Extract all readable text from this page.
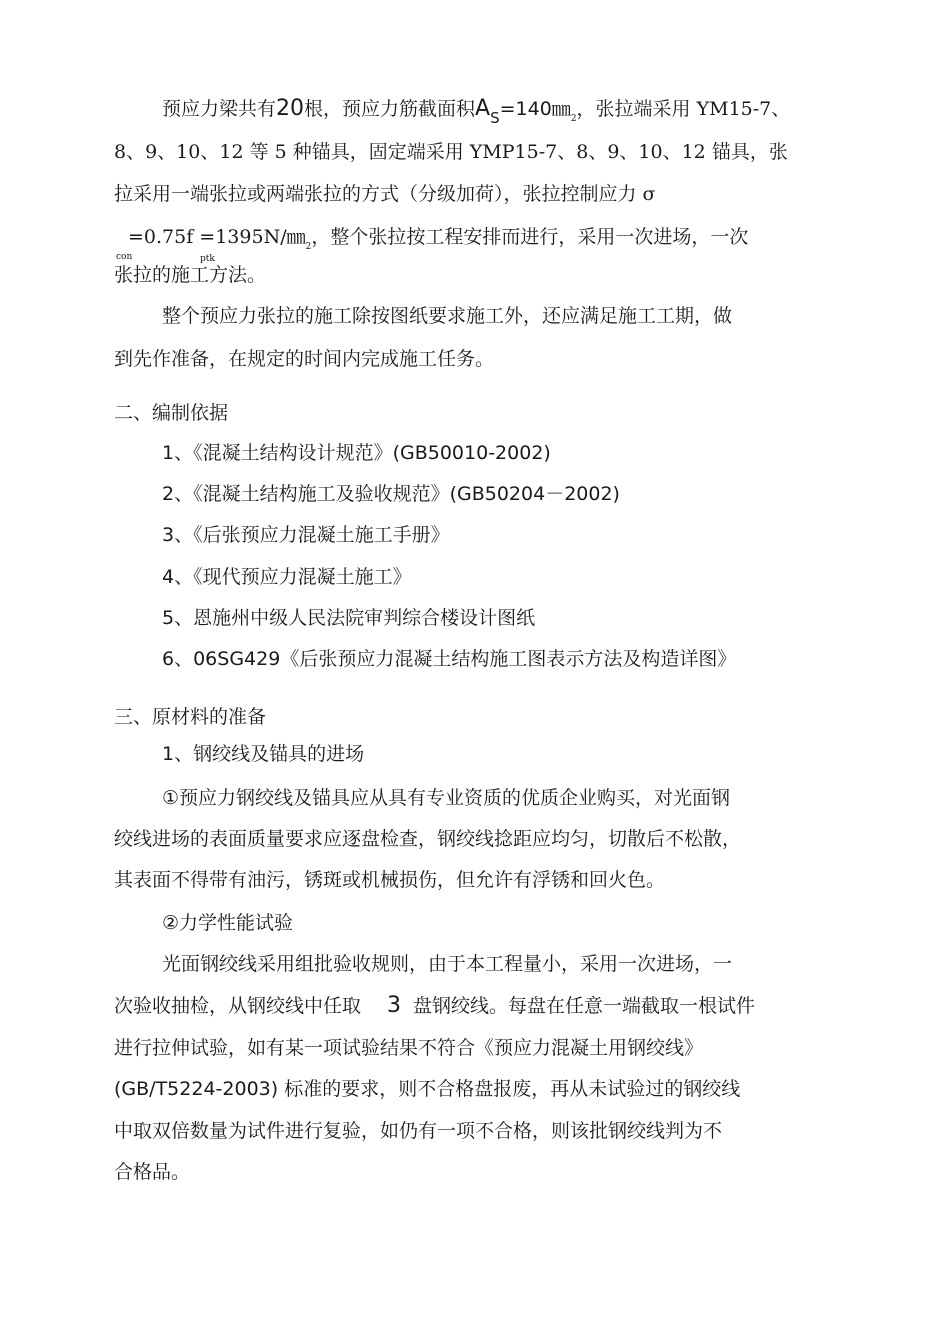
预应力梁共有20根，预应力筋截面积$A_S=140㎜_2$，张拉端采用 YM15-7、
8、9、10、12 等 5 种锚具，固定端采用 YMP15-7、8、9、10、12 锚具，张
拉采用一端张拉或两端张拉的方式（分级加荷），张拉控制应力 σ
$=0.75f =1395N/㎜_2$，整个张拉按工程安排而进行，采用一次进场，一次
con	ptk
张拉的施工方法。
整个预应力张拉的施工除按图纸要求施工外，还应满足施工工期，做
到先作准备，在规定的时间内完成施工任务。
二、编制依据
1、《混凝土结构设计规范》(GB50010-2002)
2、《混凝土结构施工及验收规范》(GB50204－2002)
3、《后张预应力混凝土施工手册》
4、《现代预应力混凝土施工》
5、恩施州中级人民法院审判综合楼设计图纸
6、06SG429《后张预应力混凝土结构施工图表示方法及构造详图》
三、原材料的准备
1、钢绞线及锚具的进场
①预应力钢绞线及锚具应从具有专业资质的优质企业购买，对光面钢
绞线进场的表面质量要求应逐盘检查，钢绞线捻距应均匀，切散后不松散，
其表面不得带有油污，锈斑或机械损伤，但允许有浮锈和回火色。
②力学性能试验
光面钢绞线采用组批验收规则，由于本工程量小，采用一次进场，一
次验收抽检，从钢绞线中任取 3 盘钢绞线。每盘在任意一端截取一根试件
进行拉伸试验，如有某一项试验结果不符合《预应力混凝土用钢绞线》
(GB/T5224-2003) 标准的要求，则不合格盘报废，再从未试验过的钢绞线
中取双倍数量为试件进行复验，如仍有一项不合格，则该批钢绞线判为不
合格品。
